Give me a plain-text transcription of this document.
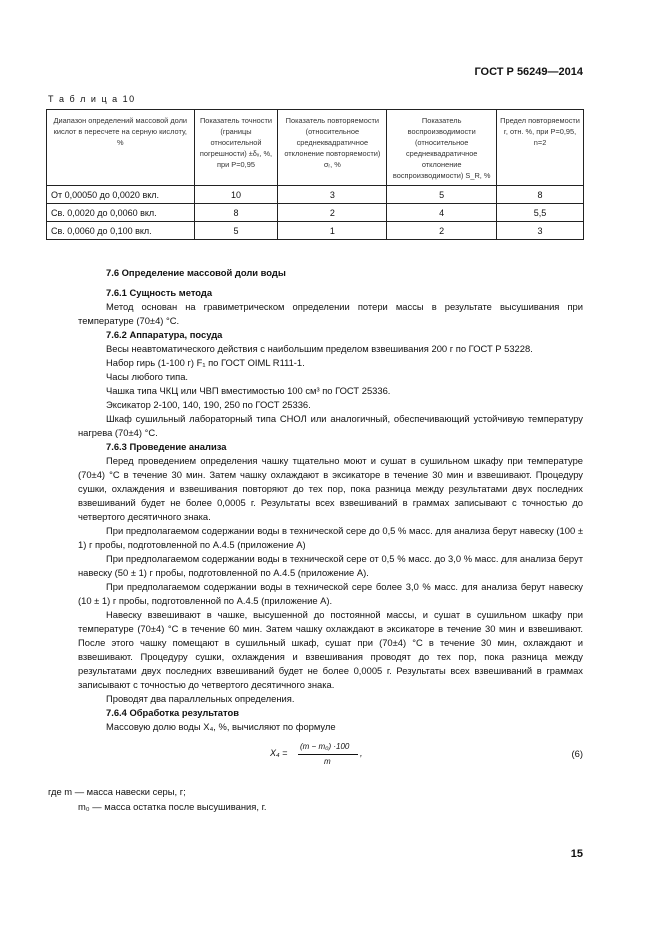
ГОСТ Р 56249—2014
Т а б л и ц а 10
Диапазон определений массовой доли кислот в пересчете на серную кислоту, %	Показатель точности (границы относительной погрешности) ±δₓ, %, при P=0,95	Показатель повторяемости (относительное среднеквадратичное отклонение повторяемости) σᵣ, %	Показатель воспроизводимости (относительное среднеквадратичное отклонение воспроизводимости) S_R, %	Предел повторяемости r, отн. %, при P=0,95, n=2
От 0,00050 до 0,0020 вкл.	10	3	5	8
Св. 0,0020 до 0,0060 вкл.	8	2	4	5,5
Св. 0,0060 до 0,100 вкл.	5	1	2	3

7.6 Определение массовой доли воды

7.6.1 Сущность метода

Метод основан на гравиметрическом определении потери массы в результате высушивания при температуре (70±4) °С.

7.6.2 Аппаратура, посуда

Весы неавтоматического действия с наибольшим пределом взвешивания 200 г по ГОСТ Р 53228.

Набор гирь (1-100 г) F₁ по ГОСТ OIML R111-1.

Часы любого типа.

Чашка типа ЧКЦ или ЧВП вместимостью 100 см³ по ГОСТ 25336.

Эксикатор 2-100, 140, 190, 250 по ГОСТ 25336.

Шкаф сушильный лабораторный типа СНОЛ или аналогичный, обеспечивающий устойчивую температуру нагрева (70±4) °С.

7.6.3 Проведение анализа

Перед проведением определения чашку тщательно моют и сушат в сушильном шкафу при температуре (70±4) °С в течение 30 мин. Затем чашку охлаждают в эксикаторе в течение 30 мин и взвешивают. Процедуру сушки, охлаждения и взвешивания повторяют до тех пор, пока разница между результатами двух последних взвешиваний будет не более 0,0005 г. Результаты всех взвешиваний в граммах записывают с точностью до четвертого десятичного знака.

При предполагаемом содержании воды в технической сере до 0,5 % масс. для анализа берут навеску (100 ± 1) г пробы, подготовленной по А.4.5 (приложение А)

При предполагаемом содержании воды в технической сере от 0,5 % масс. до 3,0 % масс. для анализа берут навеску (50 ± 1) г пробы, подготовленной по А.4.5 (приложение А).

При предполагаемом содержании воды в технической сере более 3,0 % масс. для анализа берут навеску (10 ± 1) г пробы, подготовленной по А.4.5 (приложение А).

Навеску взвешивают в чашке, высушенной до постоянной массы, и сушат в сушильном шкафу при температуре (70±4) °С в течение 60 мин. Затем чашку охлаждают в эксикаторе в течение 30 мин и взвешивают. После этого чашку помещают в сушильный шкаф, сушат при (70±4) °С в течение 30 мин, охлаждают и взвешивают. Процедуру сушки, охлаждения и взвешивания проводят до тех пор, пока разница между результатами двух последних взвешиваний будет не более 0,0005 г. Результаты всех взвешиваний в граммах записывают с точностью до четвертого десятичного знака.

Проводят два параллельных определения.

7.6.4 Обработка результатов

Массовую долю воды X₄, %, вычисляют по формуле

X₄ =
(m − m₀) ·100
m
,	(6)
где m — масса навески серы, г;
m₀ — масса остатка после высушивания, г.
15
